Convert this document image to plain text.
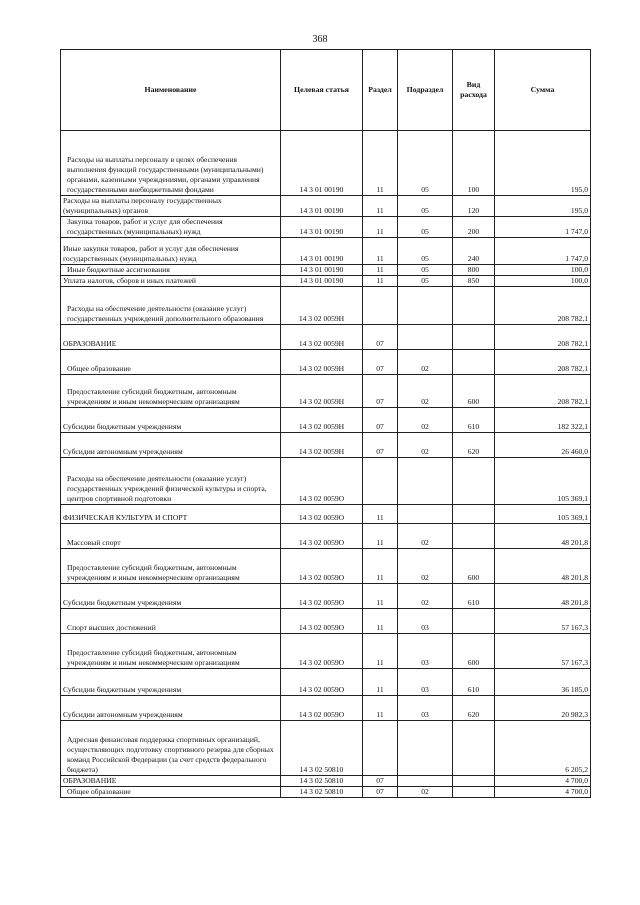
368
Наименование	Целевая статья	Раздел	Подраздел	Вид расхода	Сумма
Расходы на выплаты персоналу в целях обеспечения выполнения функций государственными (муниципальными) органами, казенными учреждениями, органами управления государственными внебюджетными фондами	14 3 01 00190	11	05	100	195,0
Расходы на выплаты персоналу государственных (муниципальных) органов	14 3 01 00190	11	05	120	195,0
Закупка товаров, работ и услуг для обеспечения государственных (муниципальных) нужд	14 3 01 00190	11	05	200	1 747,0
Иные закупки товаров, работ и услуг для обеспечения государственных (муниципальных) нужд	14 3 01 00190	11	05	240	1 747,0
Иные бюджетные ассигнования	14 3 01 00190	11	05	800	100,0
Уплата налогов, сборов и иных платежей	14 3 01 00190	11	05	850	100,0
Расходы на обеспечение деятельности (оказание услуг) государственных учреждений дополнительного образования	14 3 02 0059Н				208 782,1
ОБРАЗОВАНИЕ	14 3 02 0059Н	07			208 782,1
Общее образование	14 3 02 0059Н	07	02		208 782,1
Предоставление субсидий бюджетным, автономным учреждениям и иным некоммерческим организациям	14 3 02 0059Н	07	02	600	208 782,1
Субсидии бюджетным учреждениям	14 3 02 0059Н	07	02	610	182 322,1
Субсидии автономным учреждениям	14 3 02 0059Н	07	02	620	26 460,0
Расходы на обеспечение деятельности (оказание услуг) государственных учреждений физической культуры и спорта, центров спортивной подготовки	14 3 02 0059О				105 369,1
ФИЗИЧЕСКАЯ КУЛЬТУРА И СПОРТ	14 3 02 0059О	11			105 369,1
Массовый спорт	14 3 02 0059О	11	02		48 201,8
Предоставление субсидий бюджетным, автономным учреждениям и иным некоммерческим организациям	14 3 02 0059О	11	02	600	48 201,8
Субсидии бюджетным учреждениям	14 3 02 0059О	11	02	610	48 201,8
Спорт высших достижений	14 3 02 0059О	11	03		57 167,3
Предоставление субсидий бюджетным, автономным учреждениям и иным некоммерческим организациям	14 3 02 0059О	11	03	600	57 167,3
Субсидии бюджетным учреждениям	14 3 02 0059О	11	03	610	36 185,0
Субсидии автономным учреждениям	14 3 02 0059О	11	03	620	20 982,3
Адресная финансовая поддержка спортивных организаций, осуществляющих подготовку спортивного резерва для сборных команд Российской Федерации (за счет средств федерального бюджета)	14 3 02 50810				6 205,2
ОБРАЗОВАНИЕ	14 3 02 50810	07			4 700,0
Общее образование	14 3 02 50810	07	02		4 700,0
